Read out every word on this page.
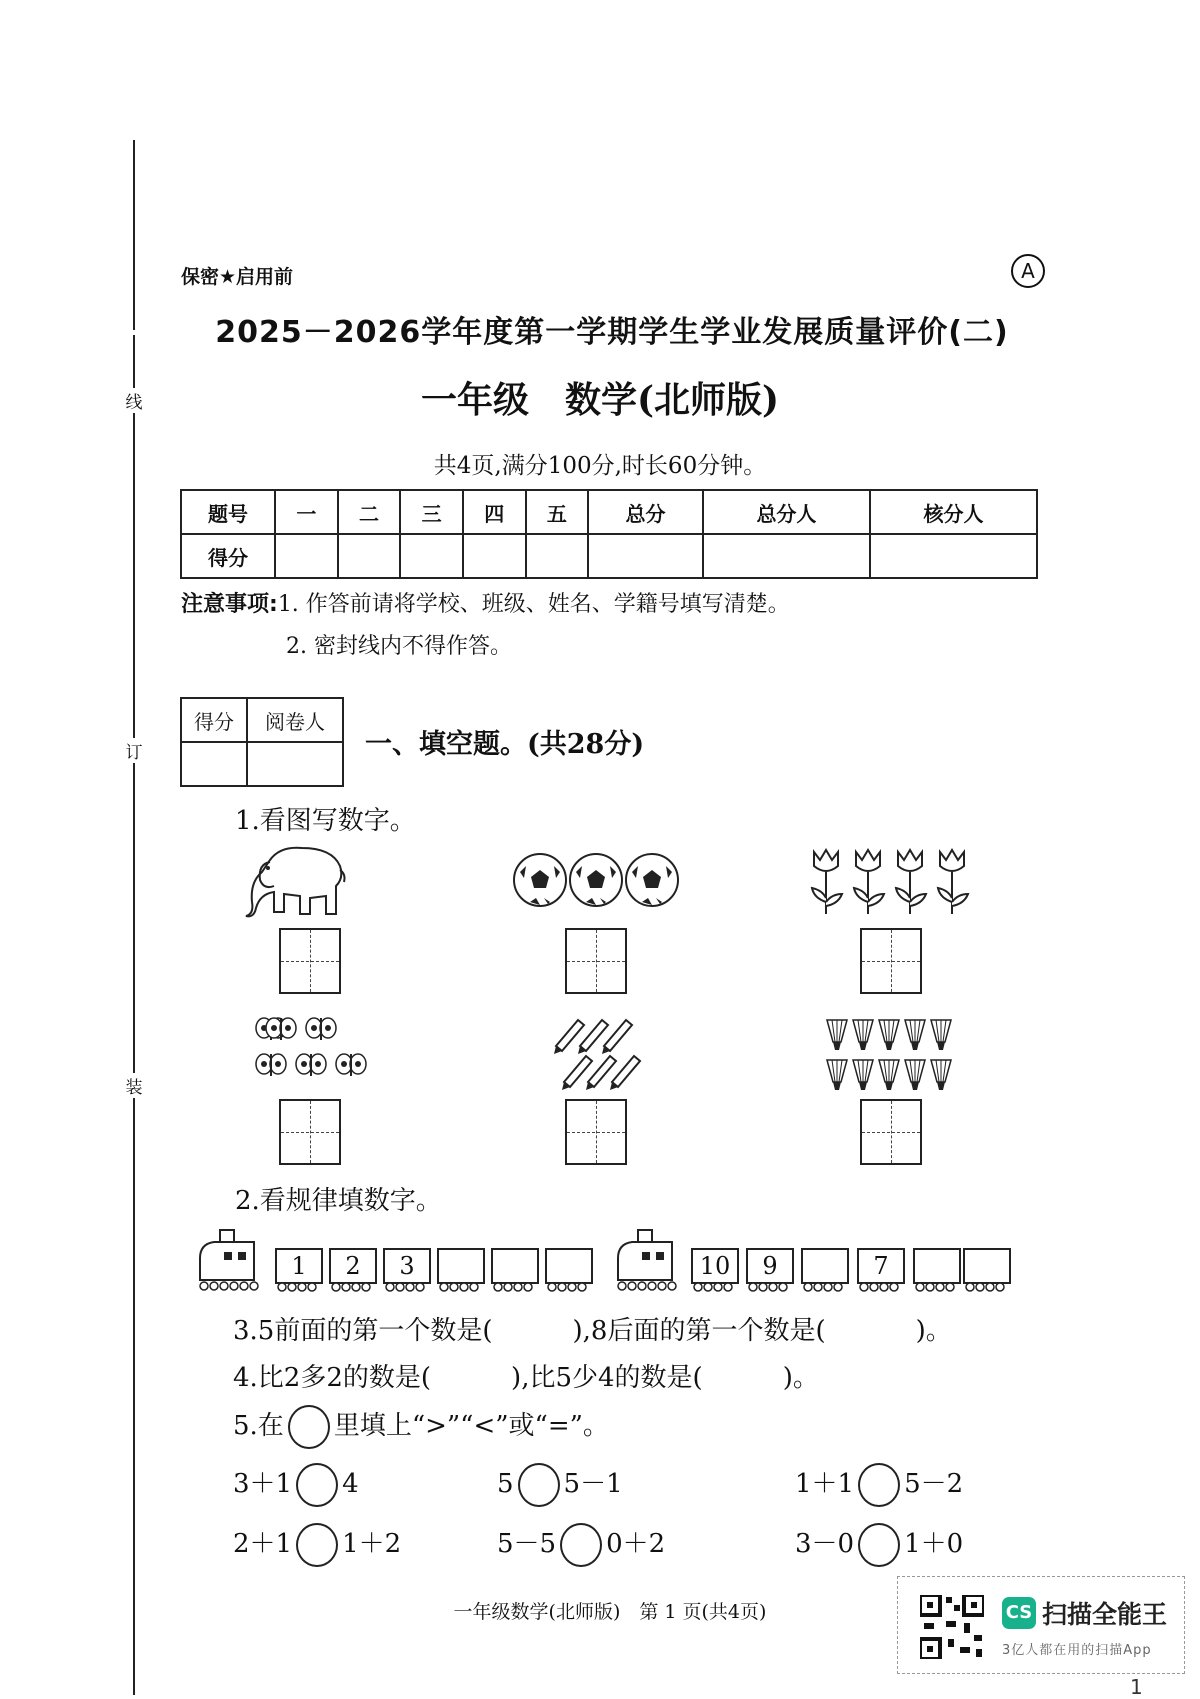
线
订
装
保密★启用前	A
2025－2026学年度第一学期学生学业发展质量评价(二)
一年级　数学(北师版)
共4页,满分100分,时长60分钟。
题号	一	二	三	四	五	总分	总分人	核分人
得分								
注意事项:1. 作答前请将学校、班级、姓名、学籍号填写清楚。
2. 密封线内不得作答。
得分	阅卷人

一、填空题。(共28分)
1.看图写数字。
2.看规律填数字。
1	2	3	10	9	7
3.5前面的第一个数是(	),8后面的第一个数是(	)。
4.比2多2的数是(	),比5少4的数是(	)。
5.在 里填上“>”“<”或“=”。
3＋1 4	5 5－1	1＋1 5－2
2＋1 1＋2	5－5 0＋2	3－0 1＋0
一年级数学(北师版)　第 1 页(共4页)	CS 扫描全能王
3亿人都在用的扫描App
1
